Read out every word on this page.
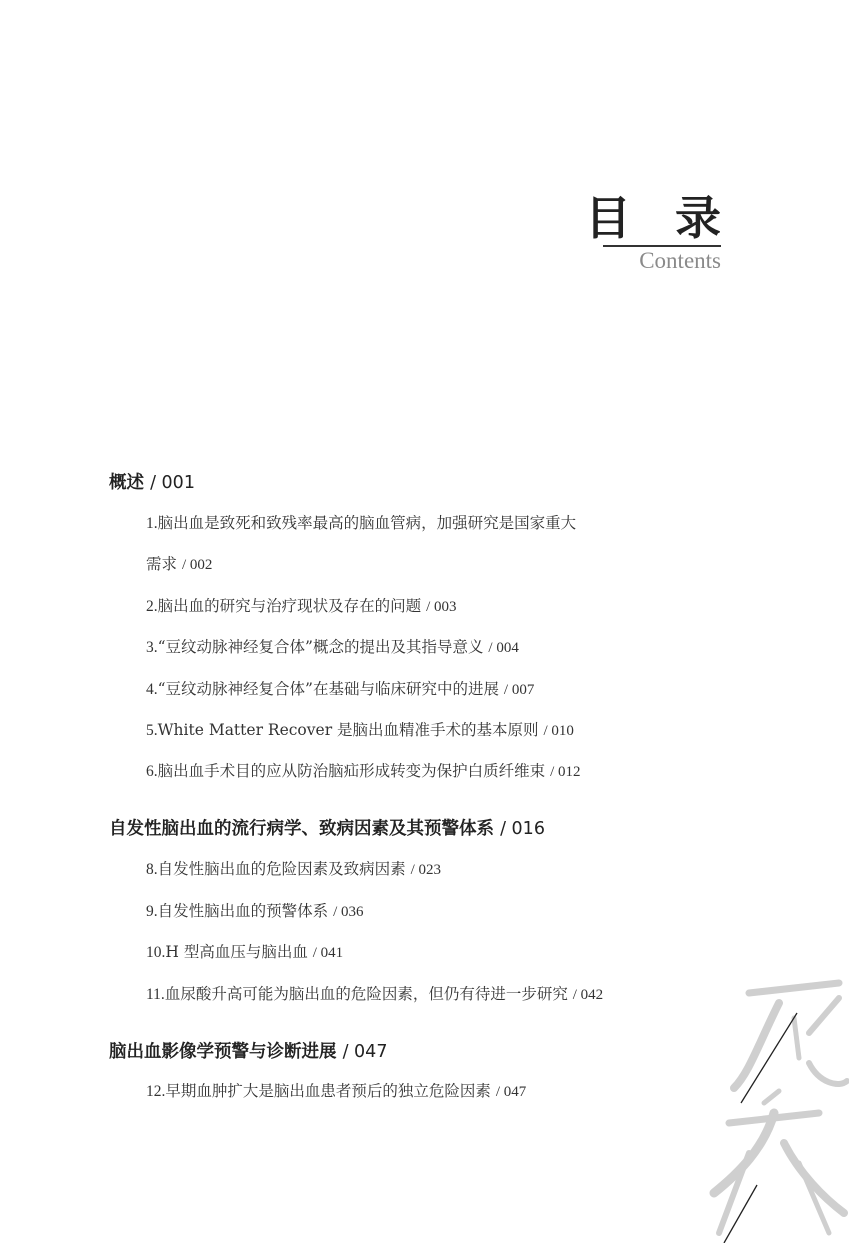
目 录
Contents
概述 / 001
1.脑出血是致死和致残率最高的脑血管病，加强研究是国家重大
需求 / 002
2.脑出血的研究与治疗现状及存在的问题 / 003
3.“豆纹动脉神经复合体”概念的提出及其指导意义 / 004
4.“豆纹动脉神经复合体”在基础与临床研究中的进展 / 007
5.White Matter Recover 是脑出血精准手术的基本原则 / 010
6.脑出血手术目的应从防治脑疝形成转变为保护白质纤维束 / 012
自发性脑出血的流行病学、致病因素及其预警体系 / 016
8.自发性脑出血的危险因素及致病因素 / 023
9.自发性脑出血的预警体系 / 036
10.H 型高血压与脑出血 / 041
11.血尿酸升高可能为脑出血的危险因素，但仍有待进一步研究 / 042
脑出血影像学预警与诊断进展 / 047
12.早期血肿扩大是脑出血患者预后的独立危险因素 / 047
